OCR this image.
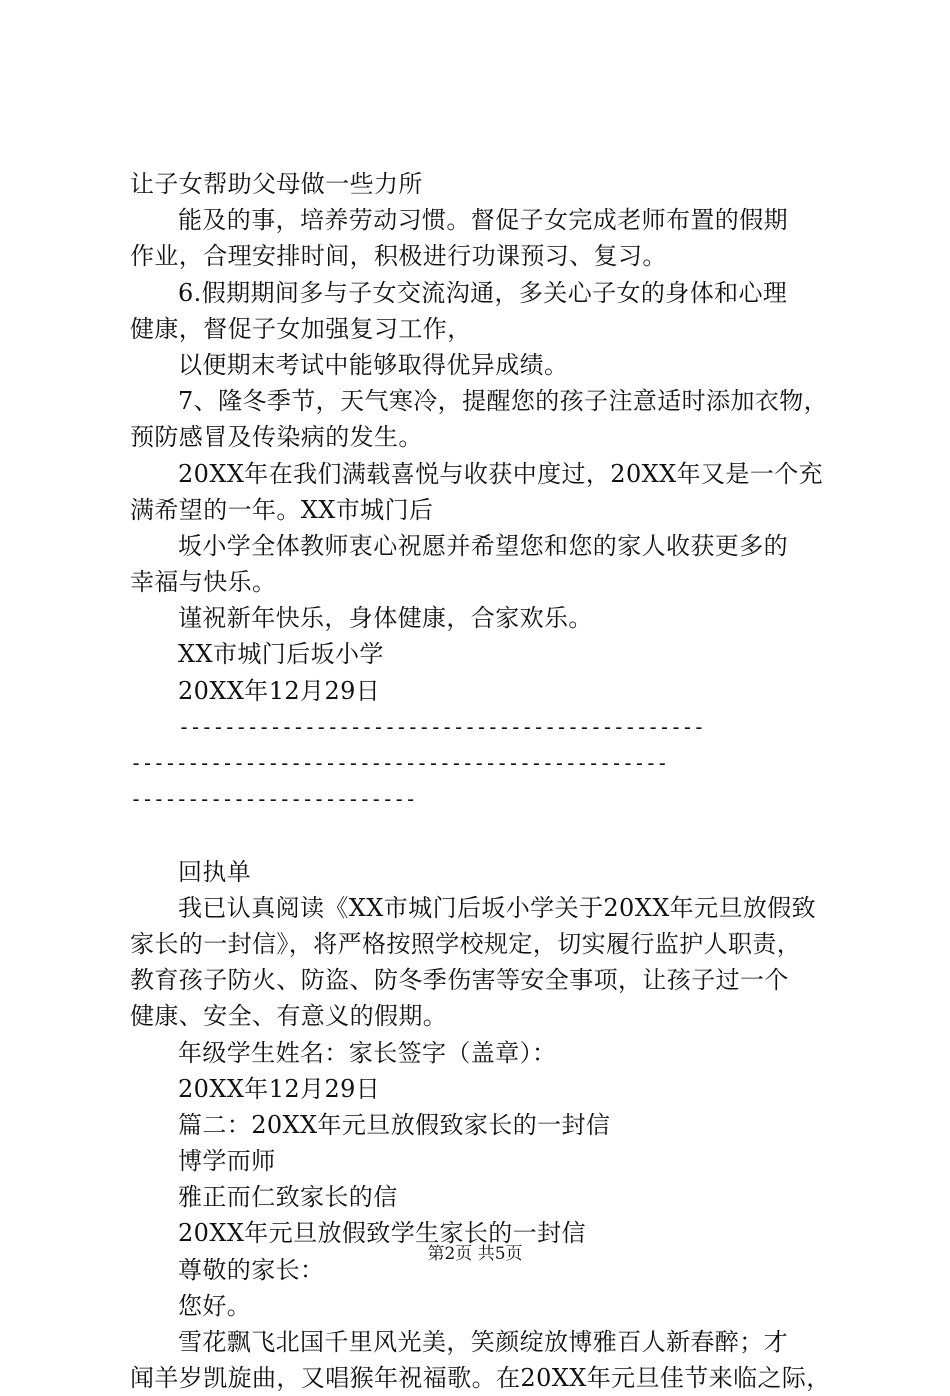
让子女帮助父母做一些力所
能及的事，培养劳动习惯。督促子女完成老师布置的假期
作业，合理安排时间，积极进行功课预习、复习。
6.假期期间多与子女交流沟通，多关心子女的身体和心理
健康，督促子女加强复习工作，
以便期末考试中能够取得优异成绩。
7、隆冬季节，天气寒冷，提醒您的孩子注意适时添加衣物，
预防感冒及传染病的发生。
20XX年在我们满载喜悦与收获中度过，20XX年又是一个充
满希望的一年。XX市城门后
坂小学全体教师衷心祝愿并希望您和您的家人收获更多的
幸福与快乐。
谨祝新年快乐，身体健康，合家欢乐。
XX市城门后坂小学
20XX年12月29日
----------------------------------------------
-----------------------------------------------
-------------------------
回执单
我已认真阅读《XX市城门后坂小学关于20XX年元旦放假致
家长的一封信》，将严格按照学校规定，切实履行监护人职责，
教育孩子防火、防盗、防冬季伤害等安全事项，让孩子过一个
健康、安全、有意义的假期。
年级学生姓名：家长签字（盖章）：
20XX年12月29日
篇二：20XX年元旦放假致家长的一封信
博学而师
雅正而仁致家长的信
20XX年元旦放假致学生家长的一封信
尊敬的家长：
您好。
雪花飘飞北国千里风光美，笑颜绽放博雅百人新春醉；才
闻羊岁凯旋曲，又唱猴年祝福歌。在20XX年元旦佳节来临之际，
第2页 共5页
